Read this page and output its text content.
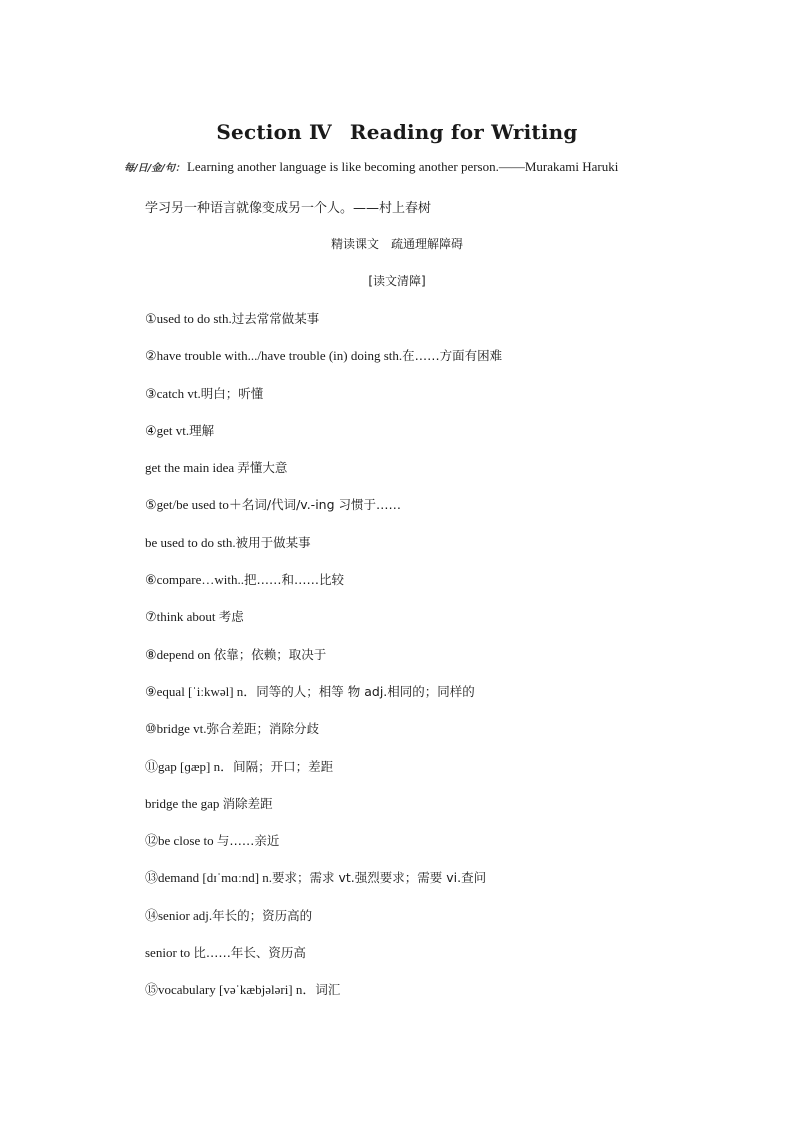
Section Ⅳ Reading for Writing
每/日/金/句： Learning another language is like becoming another person.——Murakami Haruki
学习另一种语言就像变成另一个人。——村上春树
精读课文 疏通理解障碍
[读文清障]
①used to do sth.过去常常做某事
②have trouble with.../have trouble (in) doing sth.在……方面有困难
③catch vt.明白；听懂
④get vt.理解
get the main idea 弄懂大意
⑤get/be used to＋名词/代词/v.-ing 习惯于……
be used to do sth.被用于做某事
⑥compare…with..把……和……比较
⑦think about 考虑
⑧depend on 依靠；依赖；取决于
⑨equal [ˈiːkwəl] n．同等的人；相等 物 adj.相同的；同样的
⑩bridge vt.弥合差距；消除分歧
⑪gap [ɡæp] n．间隔；开口；差距
bridge the gap 消除差距
⑫be close to 与……亲近
⑬demand [dɪˈmɑːnd] n.要求；需求 vt.强烈要求；需要 vi.查问
⑭senior adj.年长的；资历高的
senior to 比……年长、资历高
⑮vocabulary [vəˈkæbjələri] n．词汇
